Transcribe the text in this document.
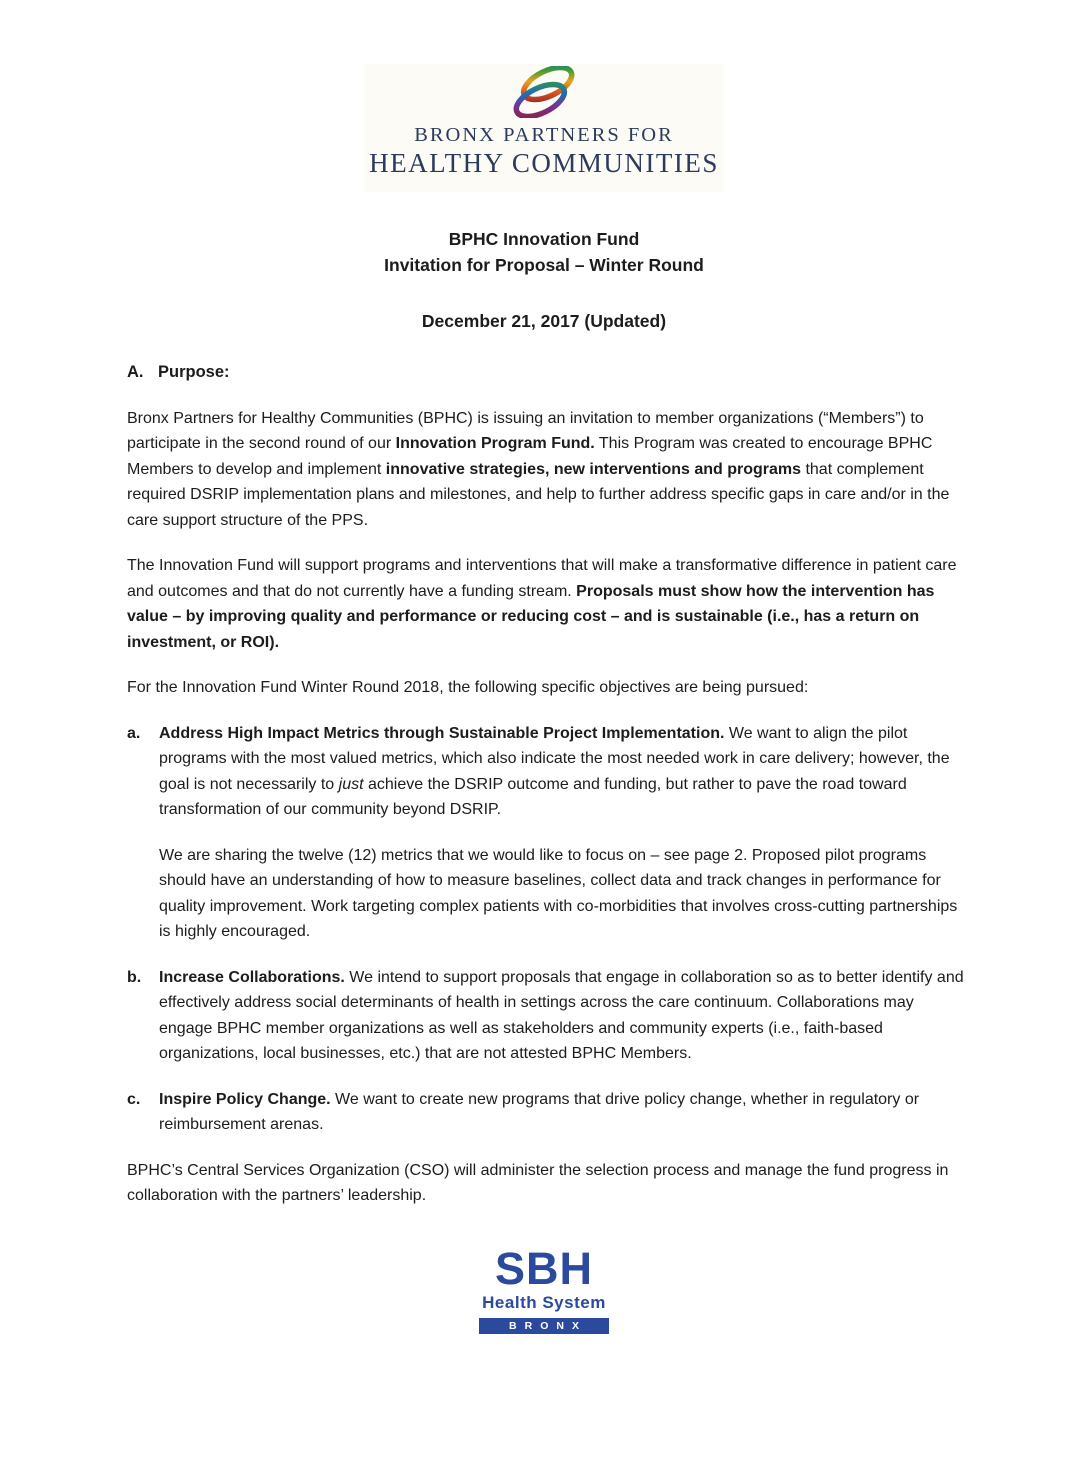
BRONX PARTNERS FOR
HEALTHY COMMUNITIES
BPHC Innovation Fund
Invitation for Proposal – Winter Round
December 21, 2017 (Updated)
A. Purpose:
Bronx Partners for Healthy Communities (BPHC) is issuing an invitation to member organizations (“Members”) to participate in the second round of our Innovation Program Fund. This Program was created to encourage BPHC Members to develop and implement innovative strategies, new interventions and programs that complement required DSRIP implementation plans and milestones, and help to further address specific gaps in care and/or in the care support structure of the PPS.
The Innovation Fund will support programs and interventions that will make a transformative difference in patient care and outcomes and that do not currently have a funding stream. Proposals must show how the intervention has value – by improving quality and performance or reducing cost – and is sustainable (i.e., has a return on investment, or ROI).
For the Innovation Fund Winter Round 2018, the following specific objectives are being pursued:
a.	Address High Impact Metrics through Sustainable Project Implementation. We want to align the pilot programs with the most valued metrics, which also indicate the most needed work in care delivery; however, the goal is not necessarily to just achieve the DSRIP outcome and funding, but rather to pave the road toward transformation of our community beyond DSRIP.
We are sharing the twelve (12) metrics that we would like to focus on – see page 2. Proposed pilot programs should have an understanding of how to measure baselines, collect data and track changes in performance for quality improvement. Work targeting complex patients with co-morbidities that involves cross-cutting partnerships is highly encouraged.
b.	Increase Collaborations. We intend to support proposals that engage in collaboration so as to better identify and effectively address social determinants of health in settings across the care continuum. Collaborations may engage BPHC member organizations as well as stakeholders and community experts (i.e., faith-based organizations, local businesses, etc.) that are not attested BPHC Members.
c.	Inspire Policy Change. We want to create new programs that drive policy change, whether in regulatory or reimbursement arenas.
BPHC’s Central Services Organization (CSO) will administer the selection process and manage the fund progress in collaboration with the partners’ leadership.
SBH
Health System
BRONX
